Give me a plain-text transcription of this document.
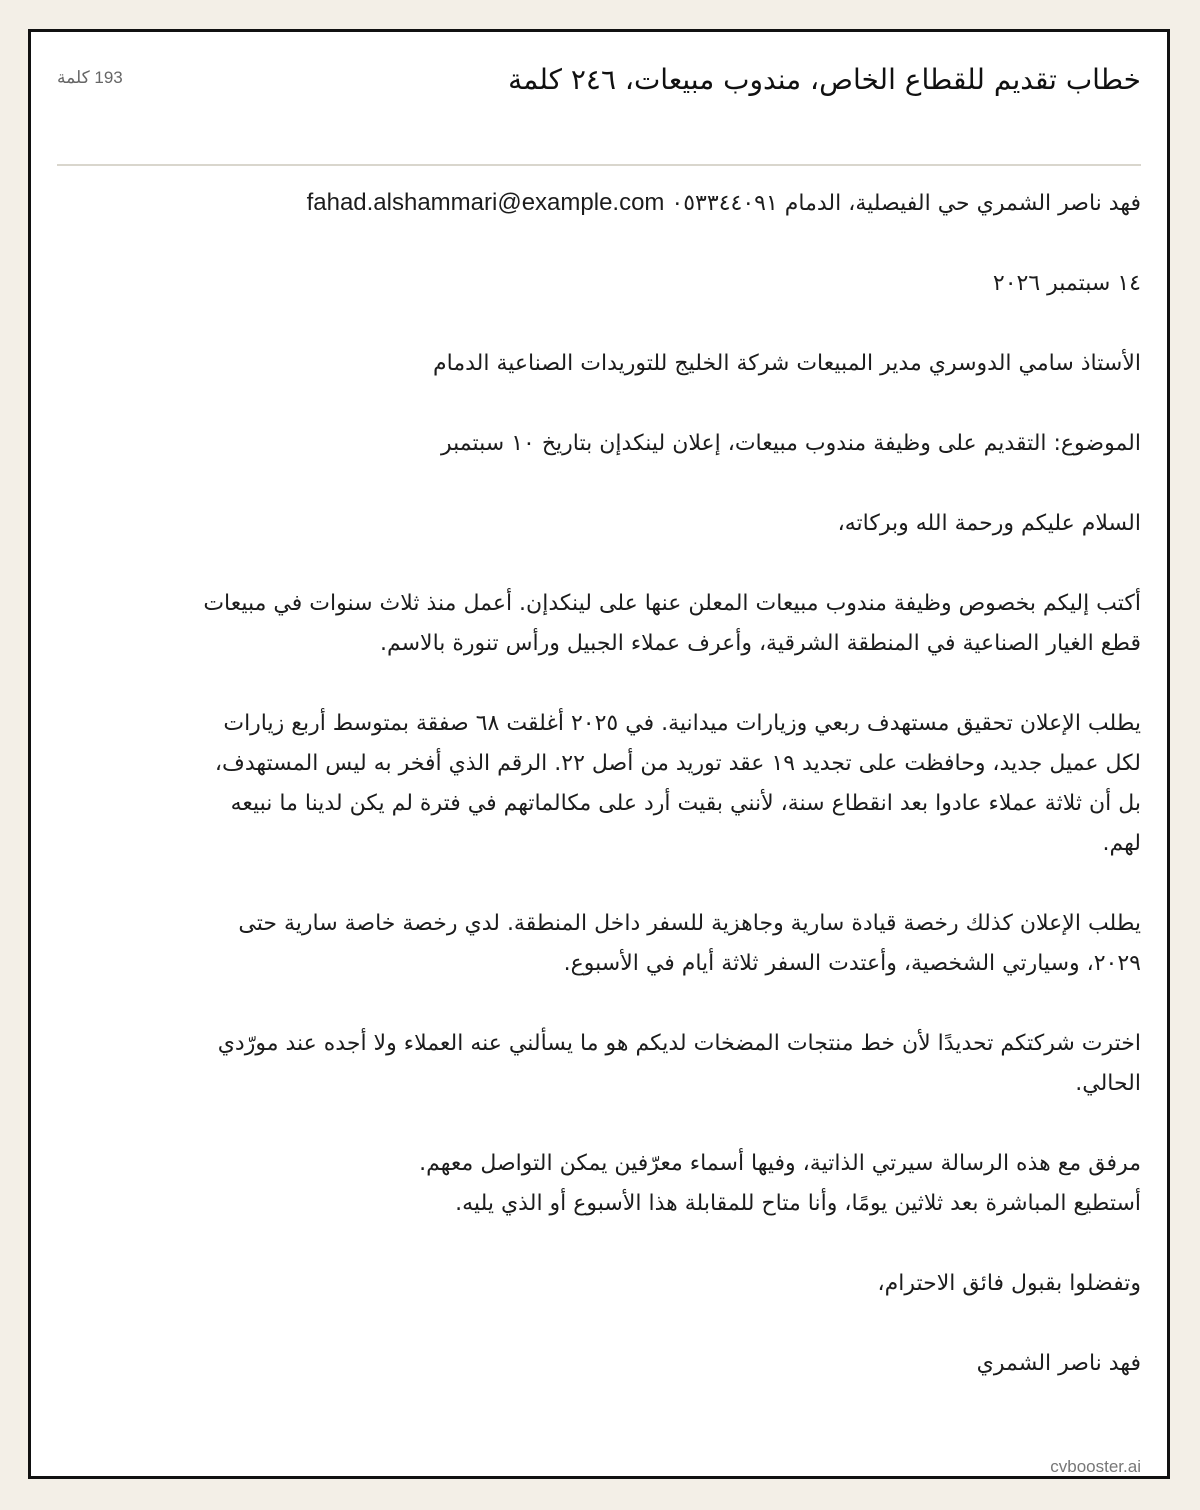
خطاب تقديم للقطاع الخاص، مندوب مبيعات، ٢٤٦ كلمة
193 كلمة

فهد ناصر الشمري حي الفيصلية، الدمام ٠٥٣٣٤٤٠٩١ fahad.alshammari@example.com

١٤ سبتمبر ٢٠٢٦

الأستاذ سامي الدوسري مدير المبيعات شركة الخليج للتوريدات الصناعية الدمام

الموضوع: التقديم على وظيفة مندوب مبيعات، إعلان لينكدإن بتاريخ ١٠ سبتمبر

السلام عليكم ورحمة الله وبركاته،

أكتب إليكم بخصوص وظيفة مندوب مبيعات المعلن عنها على لينكدإن. أعمل منذ ثلاث سنوات في مبيعات قطع الغيار الصناعية في المنطقة الشرقية، وأعرف عملاء الجبيل ورأس تنورة بالاسم.

يطلب الإعلان تحقيق مستهدف ربعي وزيارات ميدانية. في ٢٠٢٥ أغلقت ٦٨ صفقة بمتوسط أربع زيارات لكل عميل جديد، وحافظت على تجديد ١٩ عقد توريد من أصل ٢٢. الرقم الذي أفخر به ليس المستهدف، بل أن ثلاثة عملاء عادوا بعد انقطاع سنة، لأنني بقيت أرد على مكالماتهم في فترة لم يكن لدينا ما نبيعه لهم.

يطلب الإعلان كذلك رخصة قيادة سارية وجاهزية للسفر داخل المنطقة. لدي رخصة خاصة سارية حتى ٢٠٢٩، وسيارتي الشخصية، وأعتدت السفر ثلاثة أيام في الأسبوع.

اخترت شركتكم تحديدًا لأن خط منتجات المضخات لديكم هو ما يسألني عنه العملاء ولا أجده عند مورّدي الحالي.

مرفق مع هذه الرسالة سيرتي الذاتية، وفيها أسماء معرّفين يمكن التواصل معهم.
أستطيع المباشرة بعد ثلاثين يومًا، وأنا متاح للمقابلة هذا الأسبوع أو الذي يليه.

وتفضلوا بقبول فائق الاحترام،

فهد ناصر الشمري

cvbooster.ai
